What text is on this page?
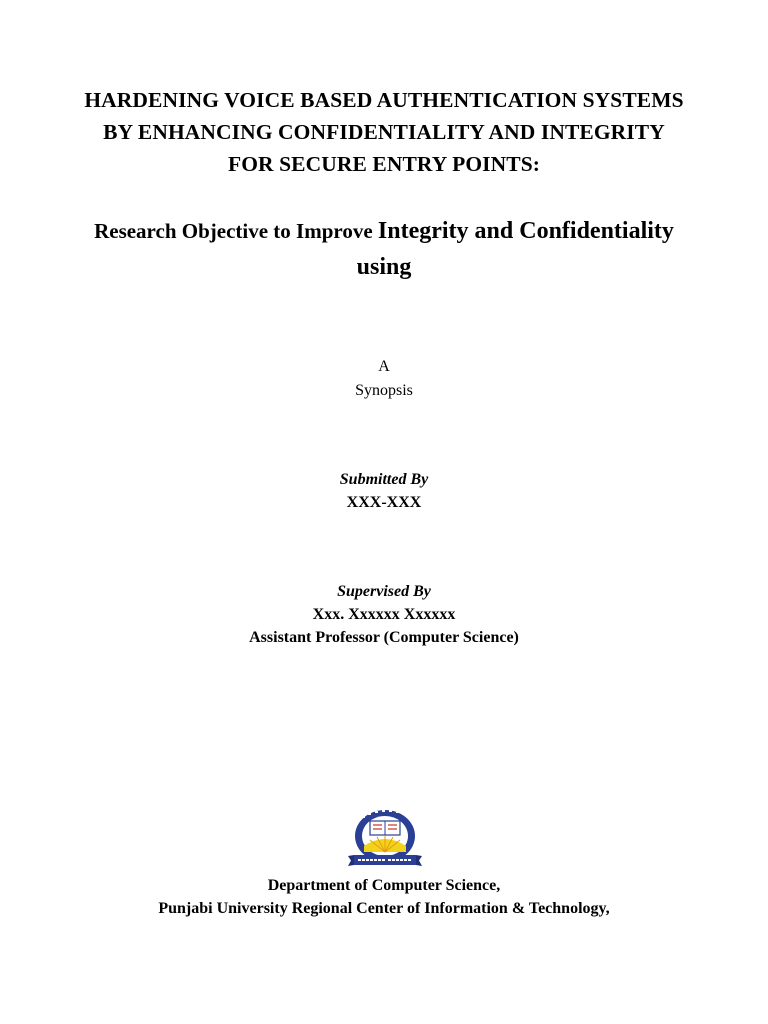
HARDENING VOICE BASED AUTHENTICATION SYSTEMS
BY ENHANCING CONFIDENTIALITY AND INTEGRITY
FOR SECURE ENTRY POINTS:
Research Objective to Improve Integrity and Confidentiality
using
A
Synopsis
Submitted By
XXX-XXX
Supervised By
Xxx. Xxxxxx Xxxxxx
Assistant Professor (Computer Science)
Department of Computer Science,
Punjabi University Regional Center of Information & Technology,
